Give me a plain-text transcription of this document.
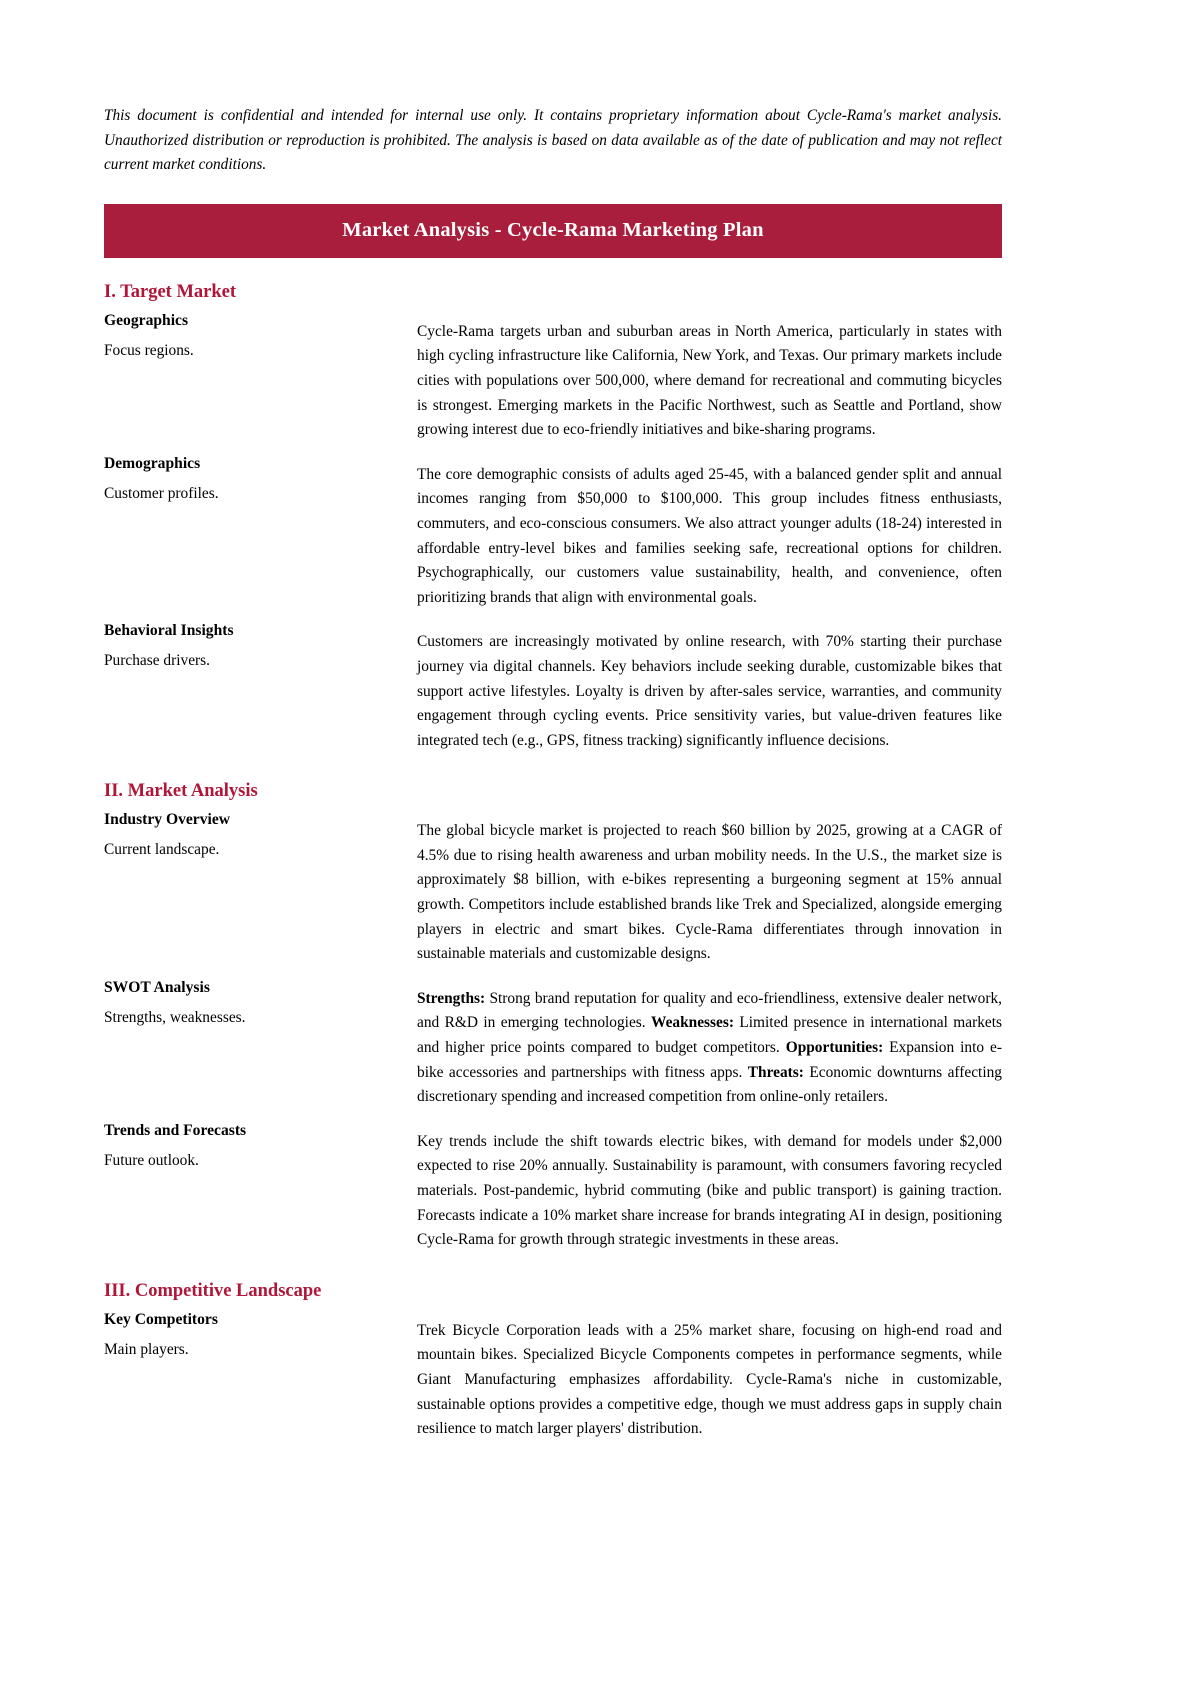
This document is confidential and intended for internal use only. It contains proprietary information about Cycle-Rama's market analysis. Unauthorized distribution or reproduction is prohibited. The analysis is based on data available as of the date of publication and may not reflect current market conditions.

Market Analysis - Cycle-Rama Marketing Plan
I. Target Market

Geographics

Focus regions.

Cycle-Rama targets urban and suburban areas in North America, particularly in states with high cycling infrastructure like California, New York, and Texas. Our primary markets include cities with populations over 500,000, where demand for recreational and commuting bicycles is strongest. Emerging markets in the Pacific Northwest, such as Seattle and Portland, show growing interest due to eco-friendly initiatives and bike-sharing programs.

Demographics

Customer profiles.

The core demographic consists of adults aged 25-45, with a balanced gender split and annual incomes ranging from $50,000 to $100,000. This group includes fitness enthusiasts, commuters, and eco-conscious consumers. We also attract younger adults (18-24) interested in affordable entry-level bikes and families seeking safe, recreational options for children. Psychographically, our customers value sustainability, health, and convenience, often prioritizing brands that align with environmental goals.

Behavioral Insights

Purchase drivers.

Customers are increasingly motivated by online research, with 70% starting their purchase journey via digital channels. Key behaviors include seeking durable, customizable bikes that support active lifestyles. Loyalty is driven by after-sales service, warranties, and community engagement through cycling events. Price sensitivity varies, but value-driven features like integrated tech (e.g., GPS, fitness tracking) significantly influence decisions.

II. Market Analysis

Industry Overview

Current landscape.

The global bicycle market is projected to reach $60 billion by 2025, growing at a CAGR of 4.5% due to rising health awareness and urban mobility needs. In the U.S., the market size is approximately $8 billion, with e-bikes representing a burgeoning segment at 15% annual growth. Competitors include established brands like Trek and Specialized, alongside emerging players in electric and smart bikes. Cycle-Rama differentiates through innovation in sustainable materials and customizable designs.

SWOT Analysis

Strengths, weaknesses.

Strengths: Strong brand reputation for quality and eco-friendliness, extensive dealer network, and R&D in emerging technologies. Weaknesses: Limited presence in international markets and higher price points compared to budget competitors. Opportunities: Expansion into e-bike accessories and partnerships with fitness apps. Threats: Economic downturns affecting discretionary spending and increased competition from online-only retailers.

Trends and Forecasts

Future outlook.

Key trends include the shift towards electric bikes, with demand for models under $2,000 expected to rise 20% annually. Sustainability is paramount, with consumers favoring recycled materials. Post-pandemic, hybrid commuting (bike and public transport) is gaining traction. Forecasts indicate a 10% market share increase for brands integrating AI in design, positioning Cycle-Rama for growth through strategic investments in these areas.

III. Competitive Landscape

Key Competitors

Main players.

Trek Bicycle Corporation leads with a 25% market share, focusing on high-end road and mountain bikes. Specialized Bicycle Components competes in performance segments, while Giant Manufacturing emphasizes affordability. Cycle-Rama's niche in customizable, sustainable options provides a competitive edge, though we must address gaps in supply chain resilience to match larger players' distribution.
